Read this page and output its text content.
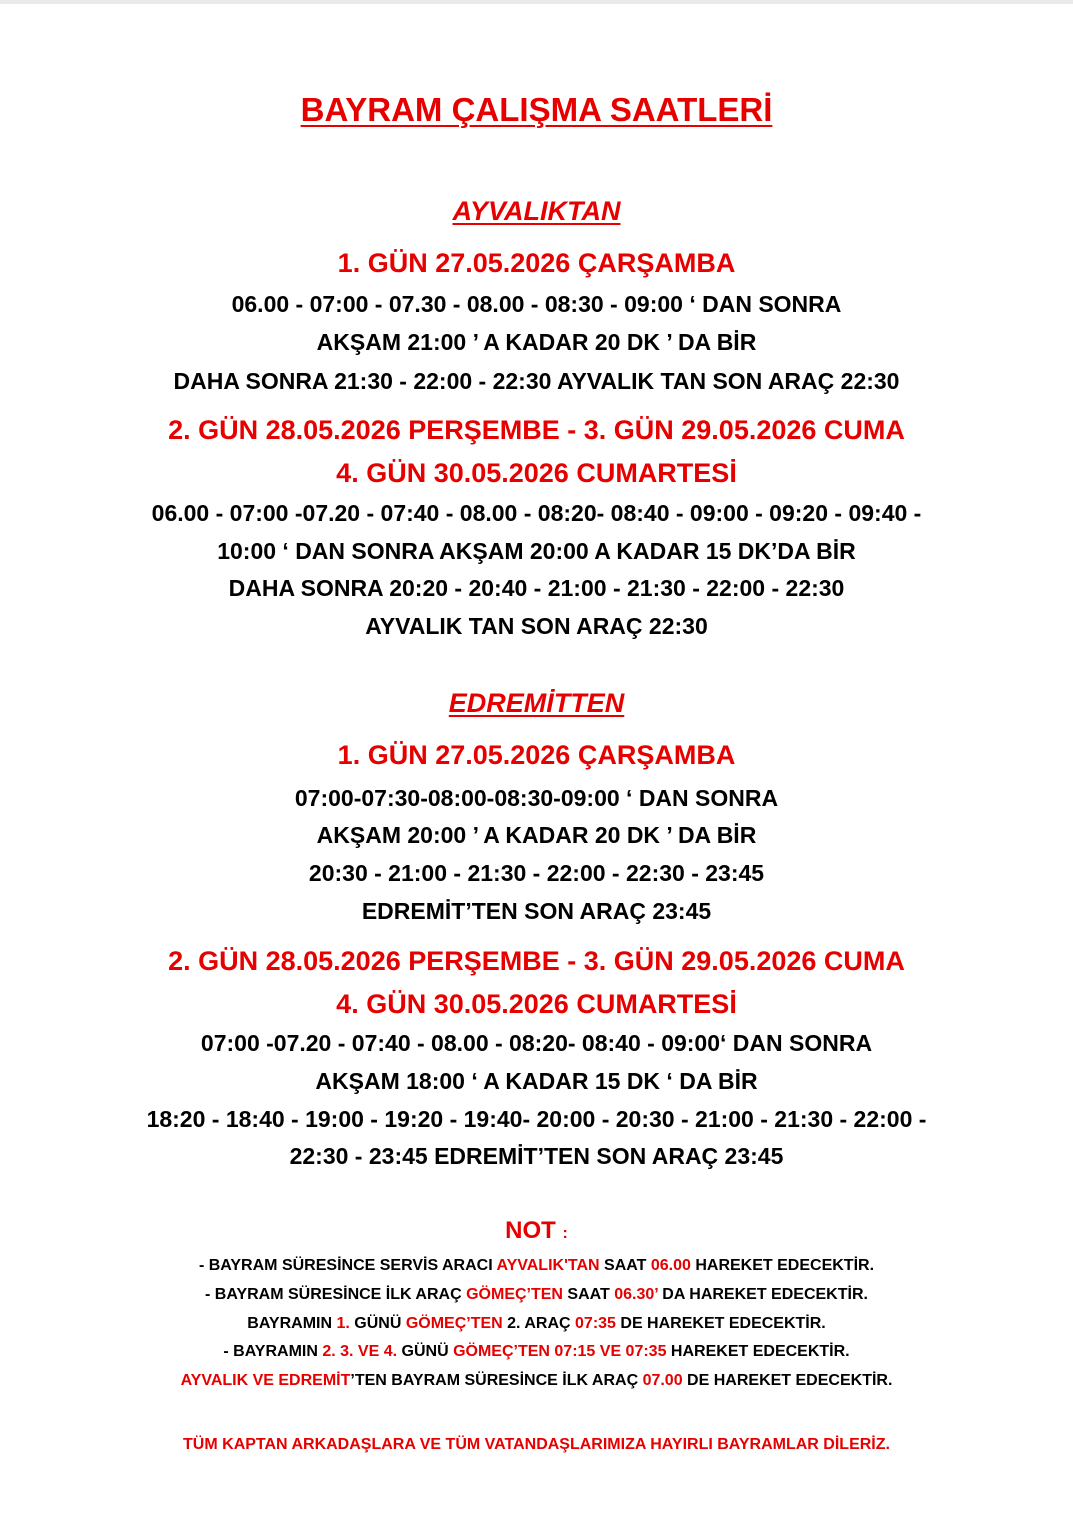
BAYRAM ÇALIŞMA SAATLERİ
AYVALIKTAN
1. GÜN 27.05.2026 ÇARŞAMBA
06.00 - 07:00 - 07.30 - 08.00 - 08:30 - 09:00 ‘ DAN SONRA
AKŞAM 21:00 ’ A KADAR 20 DK ’ DA BİR
DAHA SONRA 21:30 - 22:00 - 22:30 AYVALIK TAN SON ARAÇ 22:30
2. GÜN 28.05.2026 PERŞEMBE - 3. GÜN 29.05.2026 CUMA
4. GÜN 30.05.2026 CUMARTESİ
06.00 - 07:00 -07.20 - 07:40 - 08.00 - 08:20- 08:40 - 09:00 - 09:20 - 09:40 -
10:00 ‘ DAN SONRA AKŞAM 20:00 A KADAR 15 DK’DA BİR
DAHA SONRA 20:20 - 20:40 - 21:00 - 21:30 - 22:00 - 22:30
AYVALIK TAN SON ARAÇ 22:30
EDREMİTTEN
1. GÜN 27.05.2026 ÇARŞAMBA
07:00-07:30-08:00-08:30-09:00 ‘ DAN SONRA
AKŞAM 20:00 ’ A KADAR 20 DK ’ DA BİR
20:30 - 21:00 - 21:30 - 22:00 - 22:30 - 23:45
EDREMİT’TEN SON ARAÇ 23:45
2. GÜN 28.05.2026 PERŞEMBE - 3. GÜN 29.05.2026 CUMA
4. GÜN 30.05.2026 CUMARTESİ
07:00 -07.20 - 07:40 - 08.00 - 08:20- 08:40 - 09:00‘ DAN SONRA
AKŞAM 18:00 ‘ A KADAR 15 DK ‘ DA BİR
18:20 - 18:40 - 19:00 - 19:20 - 19:40- 20:00 - 20:30 - 21:00 - 21:30 - 22:00 -
22:30 - 23:45 EDREMİT’TEN SON ARAÇ 23:45
NOT :
- BAYRAM SÜRESİNCE SERVİS ARACI AYVALIK'TAN SAAT 06.00 HAREKET EDECEKTİR.
- BAYRAM SÜRESİNCE İLK ARAÇ GÖMEÇ’TEN SAAT 06.30’ DA HAREKET EDECEKTİR.
BAYRAMIN 1. GÜNÜ GÖMEÇ’TEN 2. ARAÇ 07:35 DE HAREKET EDECEKTİR.
- BAYRAMIN 2. 3. VE 4. GÜNÜ GÖMEÇ’TEN 07:15 VE 07:35 HAREKET EDECEKTİR.
AYVALIK VE EDREMİT’TEN BAYRAM SÜRESİNCE İLK ARAÇ 07.00 DE HAREKET EDECEKTİR.
TÜM KAPTAN ARKADAŞLARA VE TÜM VATANDAŞLARIMIZA HAYIRLI BAYRAMLAR DİLERİZ.
